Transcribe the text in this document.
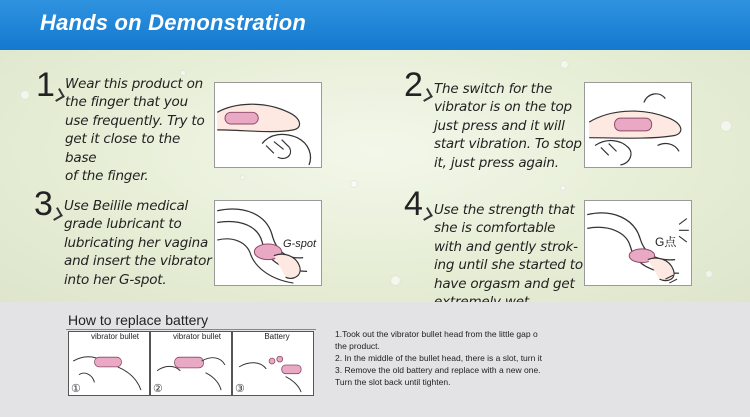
Hands on Demonstration
1 Wear this product on
the finger that you
use frequently. Try to
get it close to the base
of the finger.
2 The switch for the
vibrator is on the top
just press and it will
start vibration. To stop
it, just press again.
3 Use Beilile medical
grade lubricant to
lubricating her vagina
and insert the vibrator
into her G-spot.
G-spot
4 Use the strength that
she is comfortable
with and gently strok-
ing until she started to
have orgasm and get
G点
How to replace battery
vibrator bullet
①
vibrator bullet
②
Battery
③
1.Took out the vibrator bullet head from the little gap o
the product.
2. In the middle of the bullet head, there is a slot, turn it
3. Remove the old battery and replace with a new one.
Turn the slot back until tighten.
